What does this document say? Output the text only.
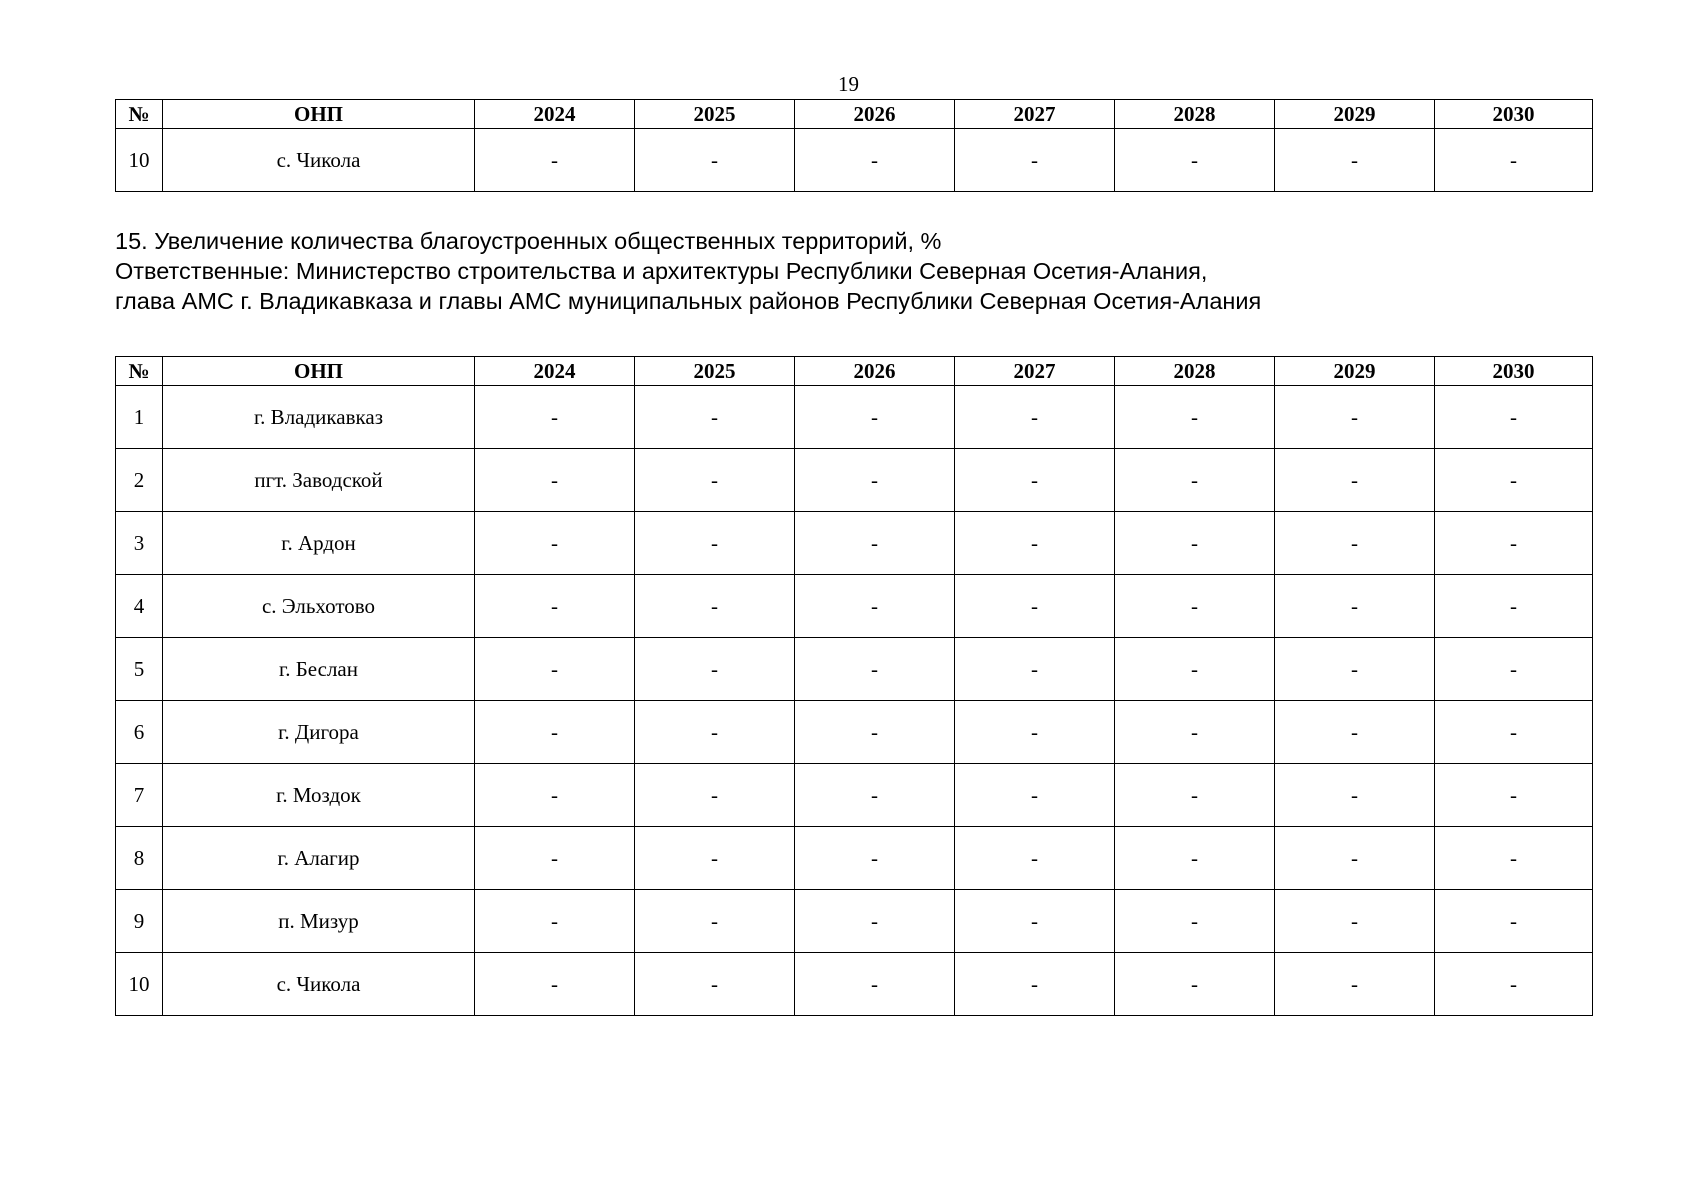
19
№	ОНП	2024	2025	2026	2027	2028	2029	2030
10	с. Чикола	-	-	-	-	-	-	-
15. Увеличение количества благоустроенных общественных территорий, %
Ответственные: Министерство строительства и архитектуры Республики Северная Осетия-Алания,
глава АМС г. Владикавказа и главы АМС муниципальных районов Республики Северная Осетия-Алания
№	ОНП	2024	2025	2026	2027	2028	2029	2030
1	г. Владикавказ	-	-	-	-	-	-	-
2	пгт. Заводской	-	-	-	-	-	-	-
3	г. Ардон	-	-	-	-	-	-	-
4	с. Эльхотово	-	-	-	-	-	-	-
5	г. Беслан	-	-	-	-	-	-	-
6	г. Дигора	-	-	-	-	-	-	-
7	г. Моздок	-	-	-	-	-	-	-
8	г. Алагир	-	-	-	-	-	-	-
9	п. Мизур	-	-	-	-	-	-	-
10	с. Чикола	-	-	-	-	-	-	-
